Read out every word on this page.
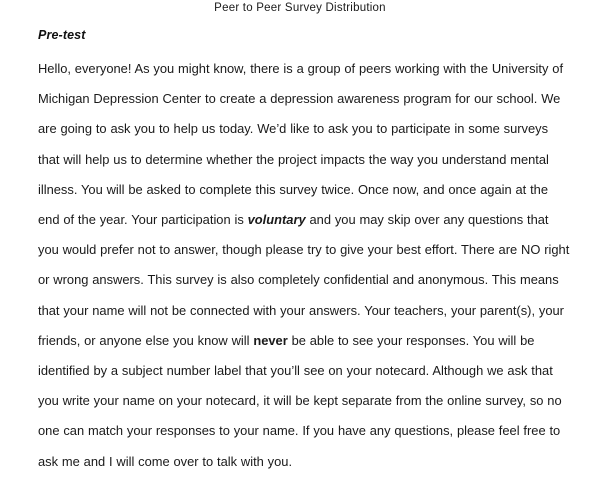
Peer to Peer Survey Distribution
Pre-test
Hello, everyone! As you might know, there is a group of peers working with the University of Michigan Depression Center to create a depression awareness program for our school. We are going to ask you to help us today. We’d like to ask you to participate in some surveys that will help us to determine whether the project impacts the way you understand mental illness. You will be asked to complete this survey twice. Once now, and once again at the end of the year. Your participation is voluntary and you may skip over any questions that you would prefer not to answer, though please try to give your best effort. There are NO right or wrong answers. This survey is also completely confidential and anonymous. This means that your name will not be connected with your answers. Your teachers, your parent(s), your friends, or anyone else you know will never be able to see your responses. You will be identified by a subject number label that you’ll see on your notecard. Although we ask that you write your name on your notecard, it will be kept separate from the online survey, so no one can match your responses to your name. If you have any questions, please feel free to ask me and I will come over to talk with you.
